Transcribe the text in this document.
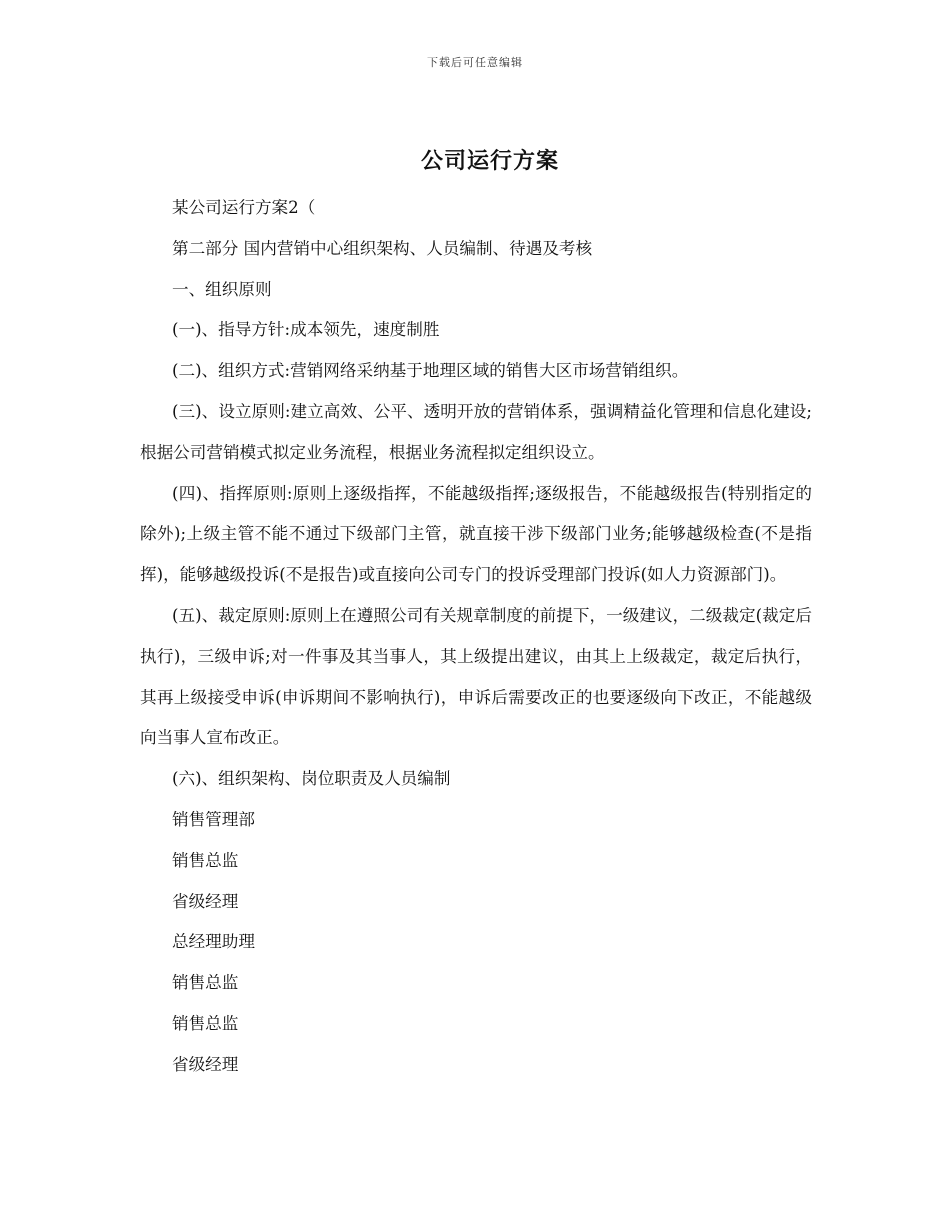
下载后可任意编辑
公司运行方案

某公司运行方案2（

第二部分 国内营销中心组织架构、人员编制、待遇及考核

一、组织原则

(一)、指导方针:成本领先，速度制胜

(二)、组织方式:营销网络采纳基于地理区域的销售大区市场营销组织。

(三)、设立原则:建立高效、公平、透明开放的营销体系，强调精益化管理和信息化建设;根据公司营销模式拟定业务流程，根据业务流程拟定组织设立。

(四)、指挥原则:原则上逐级指挥，不能越级指挥;逐级报告，不能越级报告(特别指定的除外);上级主管不能不通过下级部门主管，就直接干涉下级部门业务;能够越级检查(不是指挥)，能够越级投诉(不是报告)或直接向公司专门的投诉受理部门投诉(如人力资源部门)。

(五)、裁定原则:原则上在遵照公司有关规章制度的前提下，一级建议，二级裁定(裁定后执行)，三级申诉;对一件事及其当事人，其上级提出建议，由其上上级裁定，裁定后执行，其再上级接受申诉(申诉期间不影响执行)，申诉后需要改正的也要逐级向下改正，不能越级向当事人宣布改正。

(六)、组织架构、岗位职责及人员编制

销售管理部

销售总监

省级经理

总经理助理

销售总监

销售总监

省级经理
